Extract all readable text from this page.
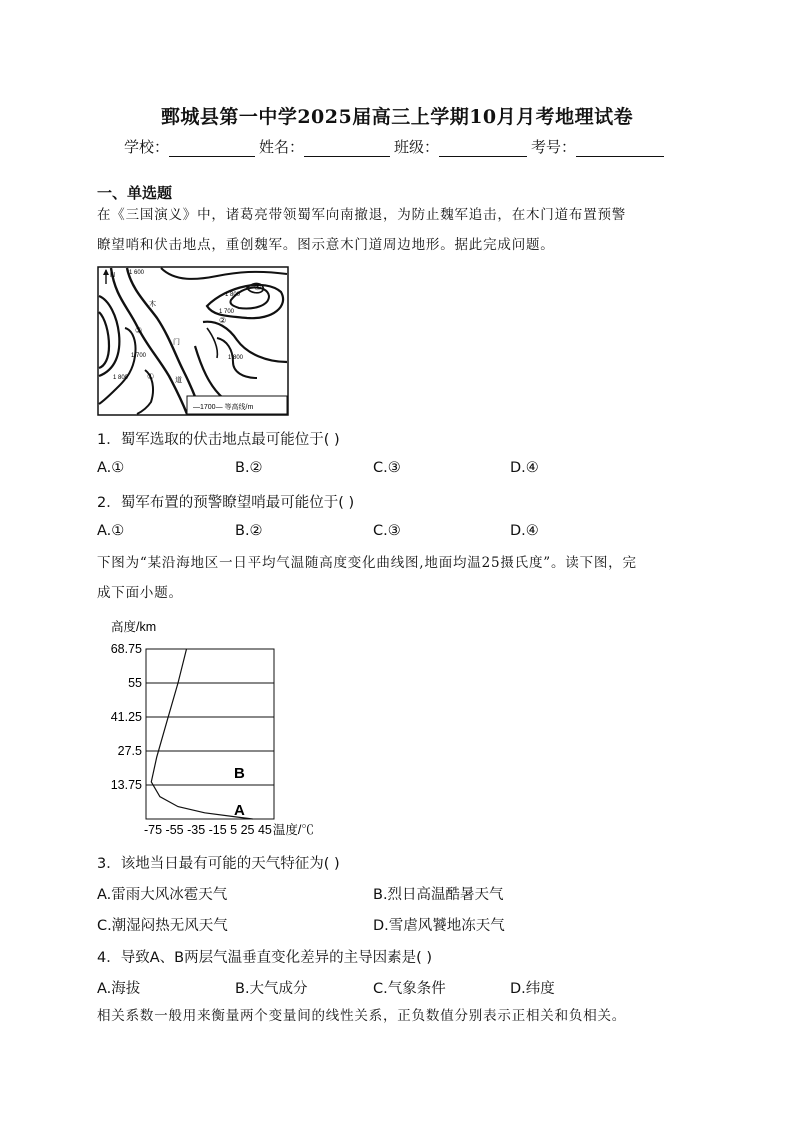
鄄城县第一中学2025届高三上学期10月月考地理试卷
学校：	姓名：	班级：	考号：
一、单选题
在《三国演义》中，诸葛亮带领蜀军向南撤退，为防止魏军追击，在木门道布置预警
瞭望哨和伏击地点，重创魏军。图示意木门道周边地形。据此完成问题。
N 1 600
1 800
1 700
1 800
1 700
1 800
②
③
①
④
木
门
道
—1700— 等高线/m
1．蜀军选取的伏击地点最可能位于( )
A.①	B.②	C.③	D.④
2．蜀军布置的预警瞭望哨最可能位于( )
A.①	B.②	C.③	D.④
下图为“某沿海地区一日平均气温随高度变化曲线图,地面均温25摄氏度”。读下图，完
成下面小题。
高度/km
68.75
55
41.25
27.5
13.75
-75 -55 -35 -15 5 25 45
B
A
温度/℃
3．该地当日最有可能的天气特征为( )
A.雷雨大风冰雹天气	B.烈日高温酷暑天气
C.潮湿闷热无风天气	D.雪虐风饕地冻天气
4．导致A、B两层气温垂直变化差异的主导因素是( )
A.海拔	B.大气成分	C.气象条件	D.纬度
相关系数一般用来衡量两个变量间的线性关系，正负数值分别表示正相关和负相关。
